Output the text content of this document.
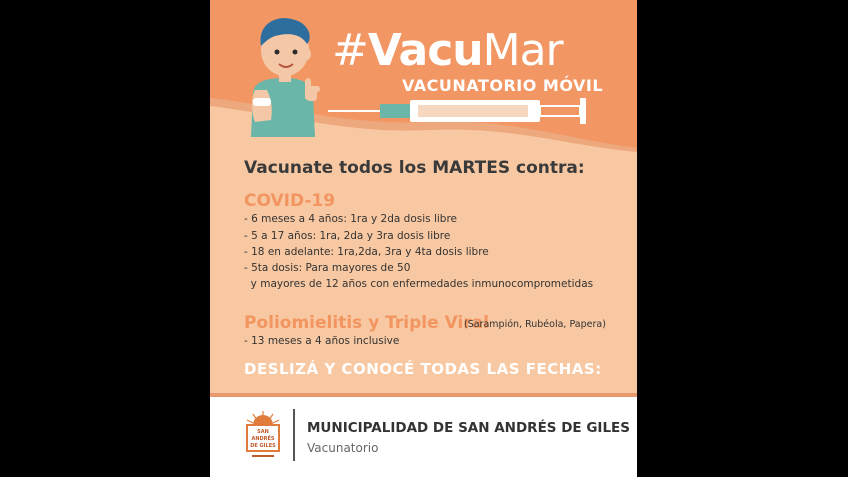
#VacuMar
VACUNATORIO MÓVIL
Vacunate todos los MARTES contra:
COVID-19
- 6 meses a 4 años: 1ra y 2da dosis libre
- 5 a 17 años: 1ra, 2da y 3ra dosis libre
- 18 en adelante: 1ra,2da, 3ra y 4ta dosis libre
- 5ta dosis: Para mayores de 50
y mayores de 12 años con enfermedades inmunocomprometidas
Poliomielitis y Triple Viral
(Sarampión, Rubéola, Papera)
- 13 meses a 4 años inclusive
DESLIZÁ Y CONOCÉ TODAS LAS FECHAS:
SAN
ANDRÉS
DE GILES
MUNICIPALIDAD DE SAN ANDRÉS DE GILES
Vacunatorio
